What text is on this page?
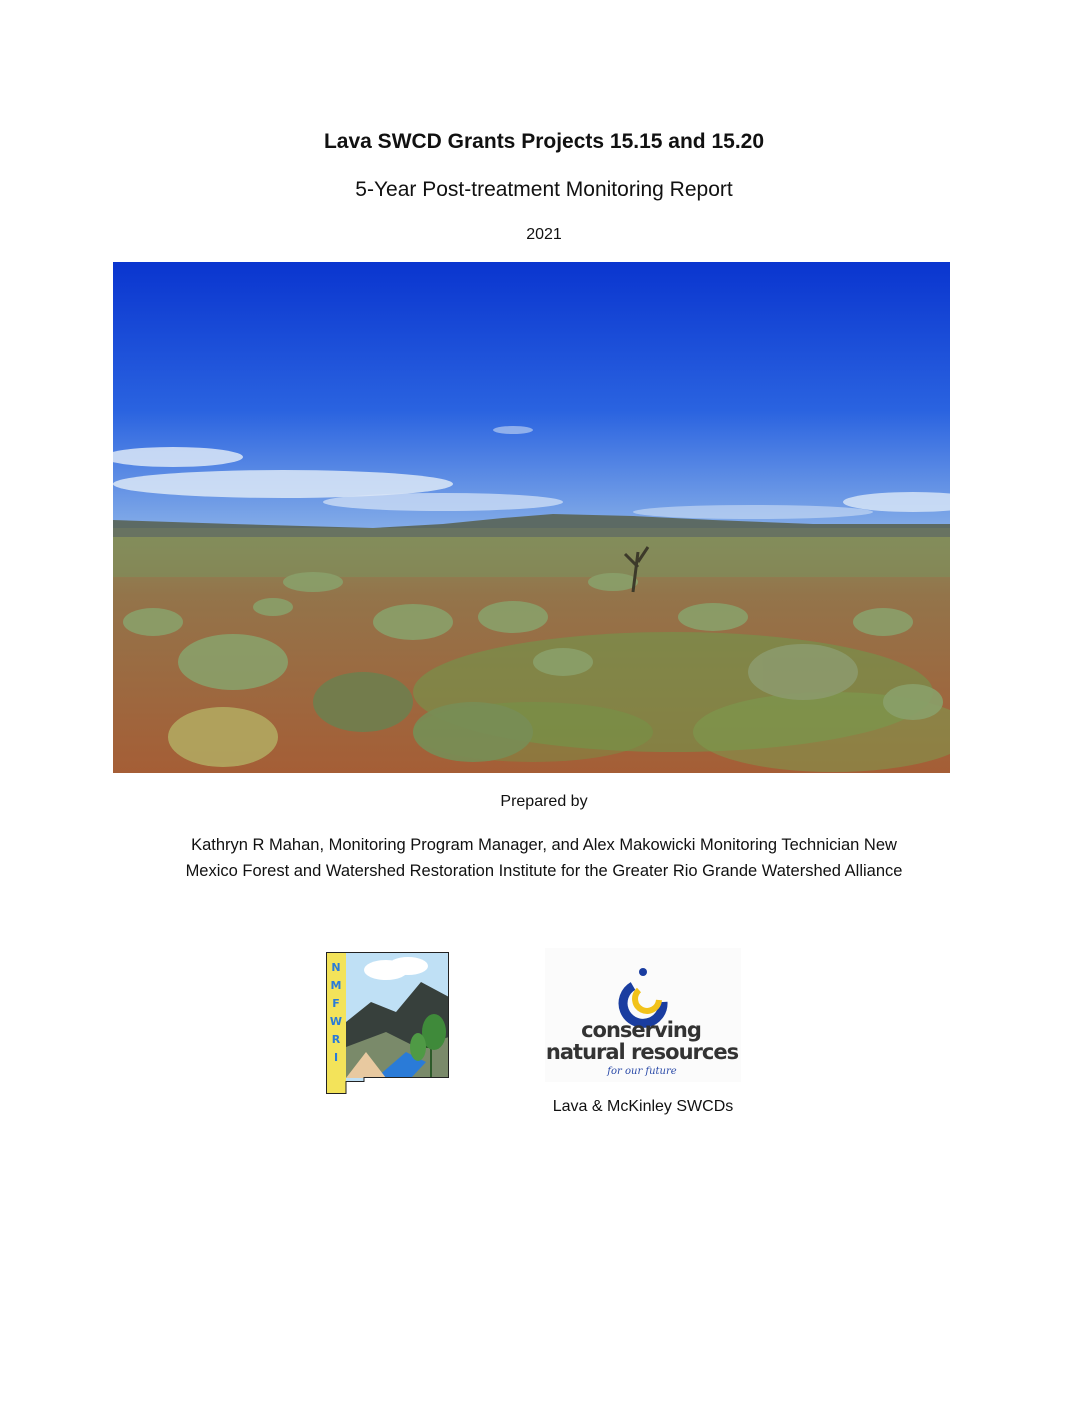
Lava SWCD Grants Projects 15.15 and 15.20
5-Year Post-treatment Monitoring Report
2021
Prepared by
Kathryn R Mahan, Monitoring Program Manager, and Alex Makowicki Monitoring Technician New
Mexico Forest and Watershed Restoration Institute for the Greater Rio Grande Watershed Alliance
N
M
F
W
R
I
conserving
natural resources
for our future
Lava & McKinley SWCDs
